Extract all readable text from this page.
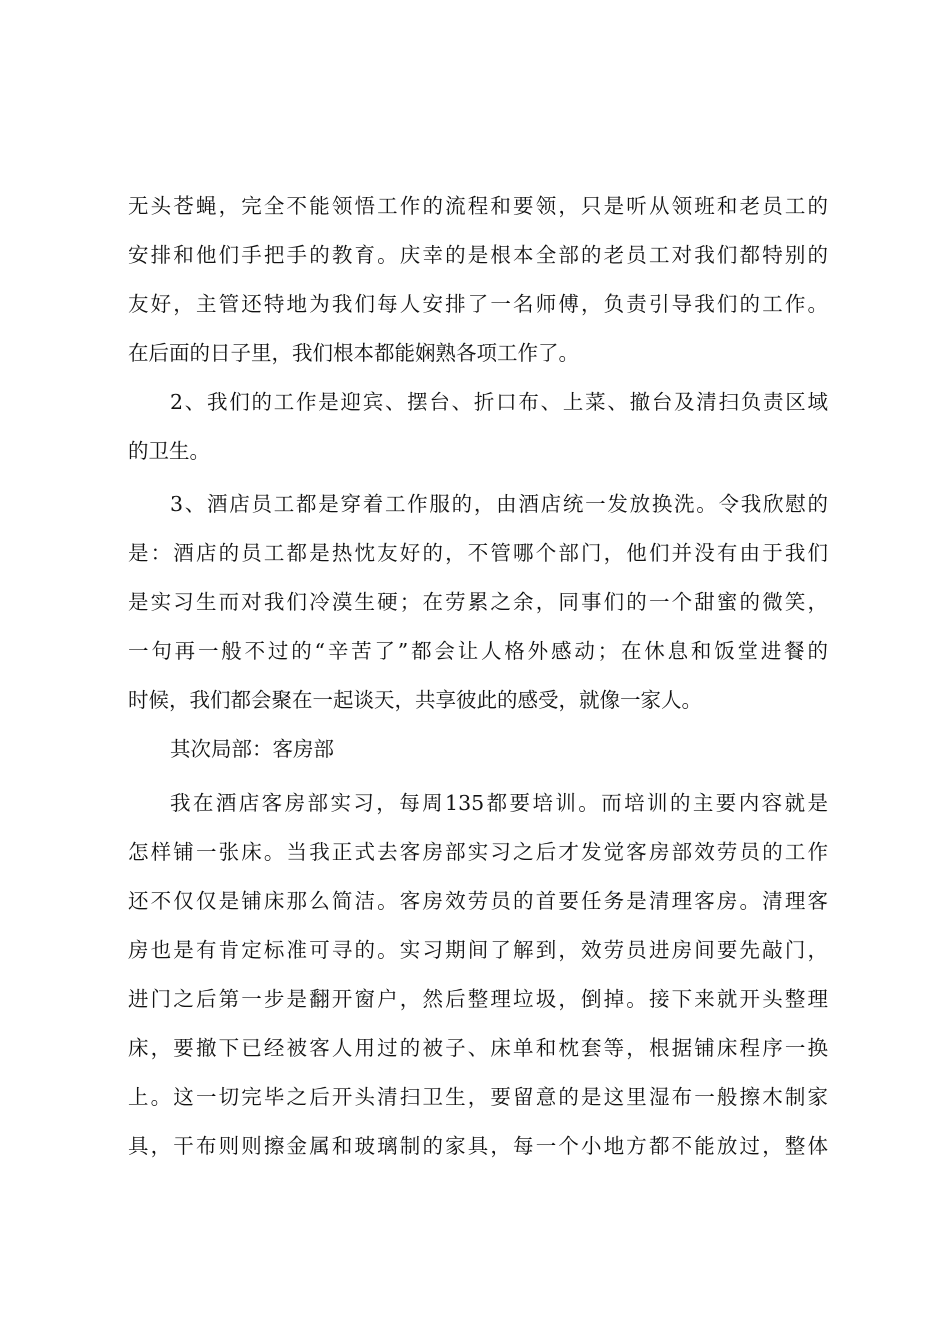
无头苍蝇，完全不能领悟工作的流程和要领，只是听从领班和老员工的
安排和他们手把手的教育。庆幸的是根本全部的老员工对我们都特别的
友好，主管还特地为我们每人安排了一名师傅，负责引导我们的工作。
在后面的日子里，我们根本都能娴熟各项工作了。
2、我们的工作是迎宾、摆台、折口布、上菜、撤台及清扫负责区域
的卫生。
3、酒店员工都是穿着工作服的，由酒店统一发放换洗。令我欣慰的
是：酒店的员工都是热忱友好的，不管哪个部门，他们并没有由于我们
是实习生而对我们冷漠生硬；在劳累之余，同事们的一个甜蜜的微笑，
一句再一般不过的“辛苦了”都会让人格外感动；在休息和饭堂进餐的
时候，我们都会聚在一起谈天，共享彼此的感受，就像一家人。
其次局部：客房部
我在酒店客房部实习，每周135都要培训。而培训的主要内容就是
怎样铺一张床。当我正式去客房部实习之后才发觉客房部效劳员的工作
还不仅仅是铺床那么简洁。客房效劳员的首要任务是清理客房。清理客
房也是有肯定标准可寻的。实习期间了解到，效劳员进房间要先敲门，
进门之后第一步是翻开窗户，然后整理垃圾，倒掉。接下来就开头整理
床，要撤下已经被客人用过的被子、床单和枕套等，根据铺床程序一换
上。这一切完毕之后开头清扫卫生，要留意的是这里湿布一般擦木制家
具，干布则则擦金属和玻璃制的家具，每一个小地方都不能放过，整体
